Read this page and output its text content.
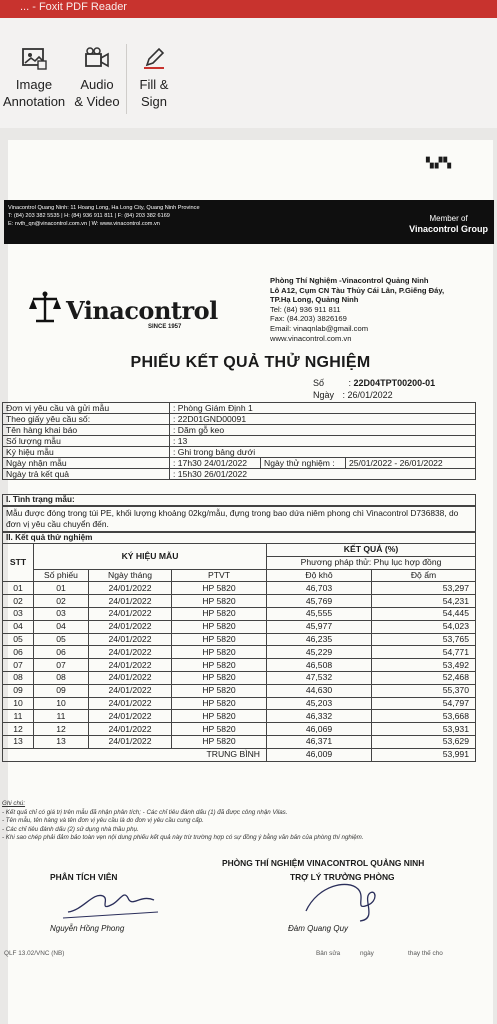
... - Foxit PDF Reader
Image
Annotation
Audio
& Video
Fill &
Sign
▚▞▚
Vinacontrol Quang Ninh: 11 Hoang Long, Ha Long City, Quang Ninh Province
T: (84) 203 382 5535 | H: (84) 936 911 811 | F: (84) 203 382 6169
E: nvth_qn@vinacontrol.com.vn | W: www.vinacontrol.com.vn
Member of
Vinacontrol Group
Vinacontrol
SINCE 1957
Phòng Thí Nghiệm -Vinacontrol Quảng Ninh
Lô A12, Cụm CN Tàu Thủy Cái Lân, P.Giếng Đáy,
TP.Hạ Long, Quảng Ninh
Tel: (84) 936 911 811
Fax: (84.203) 3826169
Email: vinaqnlab@gmail.com
www.vinacontrol.com.vn
PHIẾU KẾT QUẢ THỬ NGHIỆM
Số	: 22D04TPT00200-01
Ngày : 26/01/2022
Đơn vị yêu cầu và gửi mẫu	: Phòng Giám Định 1		
Theo giấy yêu cầu số:	: 22D01GND00091		
Tên hàng khai báo	: Dăm gỗ keo		
Số lượng mẫu	: 13		
Ký hiệu mẫu	: Ghi trong bảng dưới		
Ngày nhận mẫu	: 17h30 24/01/2022	Ngày thử nghiệm :	25/01/2022 - 26/01/2022
Ngày trả kết quả	: 15h30 26/01/2022		
I. Tình trạng mẫu:
Mẫu được đóng trong túi PE, khối lượng khoảng 02kg/mẫu, đựng trong bao dứa niêm phong chì Vinacontrol D736838, do đơn vị yêu cầu chuyển đến.
II. Kết quả thử nghiệm
STT	KÝ HIỆU MẪU			KẾT QUẢ (%)	
				Phương pháp thử: Phụ lục hợp đồng	
	Số phiếu	Ngày tháng	PTVT	Độ khô	Độ ẩm
01	01	24/01/2022	HP 5820	46,703	53,297
02	02	24/01/2022	HP 5820	45,769	54,231
03	03	24/01/2022	HP 5820	45,555	54,445
04	04	24/01/2022	HP 5820	45,977	54,023
05	05	24/01/2022	HP 5820	46,235	53,765
06	06	24/01/2022	HP 5820	45,229	54,771
07	07	24/01/2022	HP 5820	46,508	53,492
08	08	24/01/2022	HP 5820	47,532	52,468
09	09	24/01/2022	HP 5820	44,630	55,370
10	10	24/01/2022	HP 5820	45,203	54,797
11	11	24/01/2022	HP 5820	46,332	53,668
12	12	24/01/2022	HP 5820	46,069	53,931
13	13	24/01/2022	HP 5820	46,371	53,629
TRUNG BÌNH				46,009	53,991
Ghi chú:
- Kết quả chỉ có giá trị trên mẫu đã nhận phân tích; - Các chỉ tiêu đánh dấu (1) đã được công nhận Vilas.
- Tên mẫu, tên hàng và tên đơn vị yêu cầu là do đơn vị yêu cầu cung cấp.
- Các chỉ tiêu đánh dấu (2) sử dụng nhà thầu phụ.
- Khi sao chép phải đảm bảo toàn vẹn nội dung phiếu kết quả này trừ trường hợp có sự đồng ý bằng văn bản của phòng thí nghiệm.
PHÒNG THÍ NGHIỆM VINACONTROL QUẢNG NINH
PHÂN TÍCH VIÊN	TRỢ LÝ TRƯỞNG PHÒNG
Nguyễn Hồng Phong	Đàm Quang Quy
QLF 13.02/VNC (NB)	Bản sửa	ngày	thay thế cho
